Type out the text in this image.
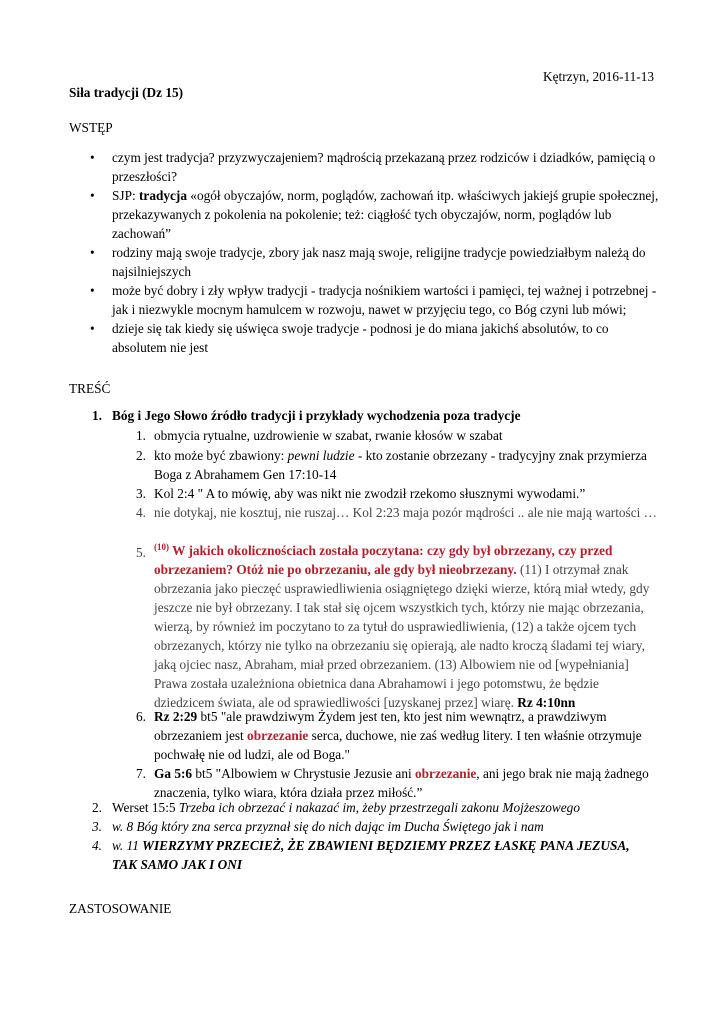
Kętrzyn, 2016-11-13
Siła tradycji (Dz 15)
WSTĘP
• czym jest tradycja? przyzwyczajeniem? mądrością przekazaną przez rodziców i dziadków, pamięcią o przeszłości?
• SJP: tradycja «ogół obyczajów, norm, poglądów, zachowań itp. właściwych jakiejś grupie społecznej, przekazywanych z pokolenia na pokolenie; też: ciągłość tych obyczajów, norm, poglądów lub zachowań”
• rodziny mają swoje tradycje, zbory jak nasz mają swoje, religijne tradycje powiedziałbym należą do najsilniejszych
• może być dobry i zły wpływ tradycji - tradycja nośnikiem wartości i pamięci, tej ważnej i potrzebnej - jak i niezwykle mocnym hamulcem w rozwoju, nawet w przyjęciu tego, co Bóg czyni lub mówi;
• dzieje się tak kiedy się uświęca swoje tradycje - podnosi je do miana jakichś absolutów, to co absolutem nie jest
TREŚĆ
1. Bóg i Jego Słowo źródło tradycji i przykłady wychodzenia poza tradycje
1. obmycia rytualne, uzdrowienie w szabat, rwanie kłosów w szabat
2. kto może być zbawiony: pewni ludzie - kto zostanie obrzezany - tradycyjny znak przymierza Boga z Abrahamem Gen 17:10-14
3. Kol 2:4 " A to mówię, aby was nikt nie zwodził rzekomo słusznymi wywodami.”
4. nie dotykaj, nie kosztuj, nie ruszaj… Kol 2:23 maja pozór mądrości .. ale nie mają wartości …
5. $^{(10)}$ W jakich okolicznościach została poczytana: czy gdy był obrzezany, czy przed obrzezaniem? Otóż nie po obrzezaniu, ale gdy był nieobrzezany. (11) I otrzymał znak obrzezania jako pieczęć usprawiedliwienia osiągniętego dzięki wierze, którą miał wtedy, gdy jeszcze nie był obrzezany. I tak stał się ojcem wszystkich tych, którzy nie mając obrzezania, wierzą, by również im poczytano to za tytuł do usprawiedliwienia, (12) a także ojcem tych obrzezanych, którzy nie tylko na obrzezaniu się opierają, ale nadto kroczą śladami tej wiary, jaką ojciec nasz, Abraham, miał przed obrzezaniem. (13) Albowiem nie od [wypełniania] Prawa została uzależniona obietnica dana Abrahamowi i jego potomstwu, że będzie dziedzicem świata, ale od sprawiedliwości [uzyskanej przez] wiarę. Rz 4:10nn
6. Rz 2:29 bt5 "ale prawdziwym Żydem jest ten, kto jest nim wewnątrz, a prawdziwym obrzezaniem jest obrzezanie serca, duchowe, nie zaś według litery. I ten właśnie otrzymuje pochwałę nie od ludzi, ale od Boga."
7. Ga 5:6 bt5 "Albowiem w Chrystusie Jezusie ani obrzezanie, ani jego brak nie mają żadnego znaczenia, tylko wiara, która działa przez miłość.”
2. Werset 15:5 Trzeba ich obrzezać i nakazać im, żeby przestrzegali zakonu Mojżeszowego
3. w. 8 Bóg który zna serca przyznał się do nich dając im Ducha Świętego jak i nam
4. w. 11 WIERZYMY PRZECIEŻ, ŻE ZBAWIENI BĘDZIEMY PRZEZ ŁASKĘ PANA JEZUSA, TAK SAMO JAK I ONI
ZASTOSOWANIE
